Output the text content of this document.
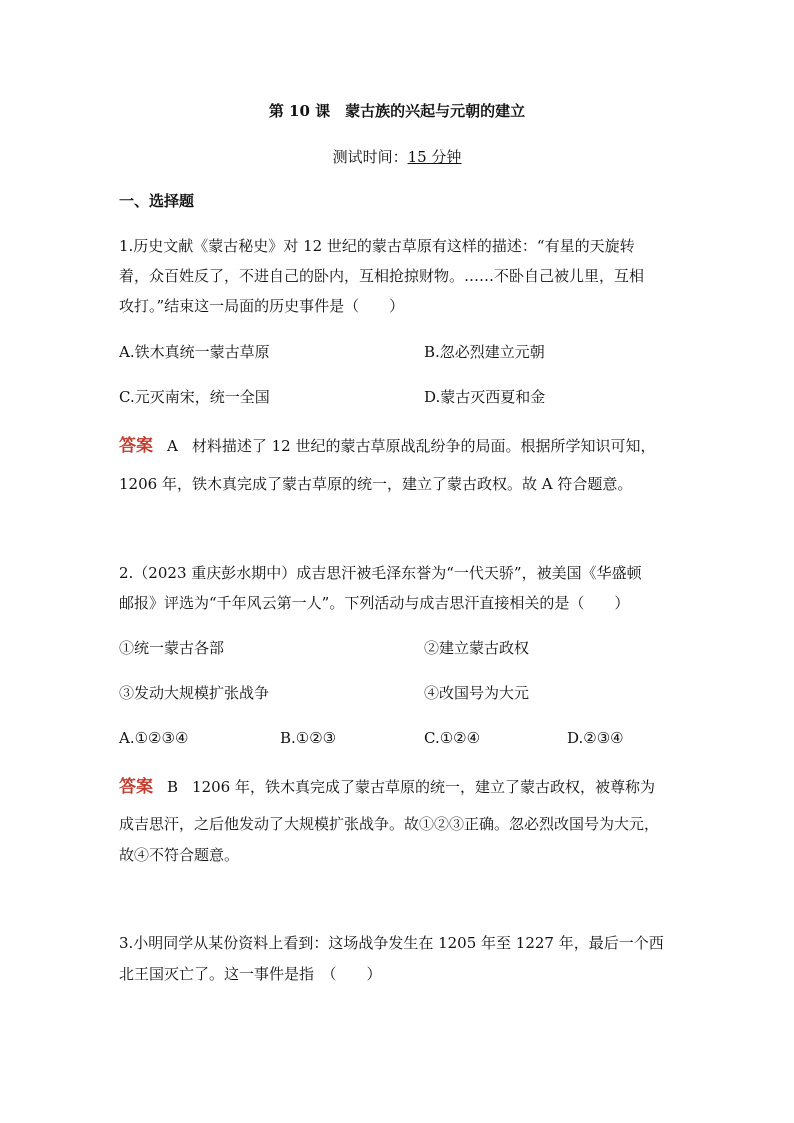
第 10 课　蒙古族的兴起与元朝的建立
测试时间：15 分钟
一、选择题
1.历史文献《蒙古秘史》对 12 世纪的蒙古草原有这样的描述：“有星的天旋转
着，众百姓反了，不进自己的卧内，互相抢掠财物。……不卧自己被儿里，互相
攻打。”结束这一局面的历史事件是（　　）
A.铁木真统一蒙古草原	B.忽必烈建立元朝
C.元灭南宋，统一全国	D.蒙古灭西夏和金
答案 A 材料描述了 12 世纪的蒙古草原战乱纷争的局面。根据所学知识可知，
1206 年，铁木真完成了蒙古草原的统一，建立了蒙古政权。故 A 符合题意。
2.（2023 重庆彭水期中）成吉思汗被毛泽东誉为“一代天骄”，被美国《华盛顿
邮报》评选为“千年风云第一人”。下列活动与成吉思汗直接相关的是（　　）
①统一蒙古各部	②建立蒙古政权
③发动大规模扩张战争	④改国号为大元
A.①②③④	B.①②③	C.①②④	D.②③④
答案 B 1206 年，铁木真完成了蒙古草原的统一，建立了蒙古政权，被尊称为
成吉思汗，之后他发动了大规模扩张战争。故①②③正确。忽必烈改国号为大元，
故④不符合题意。
3.小明同学从某份资料上看到：这场战争发生在 1205 年至 1227 年，最后一个西
北王国灭亡了。这一事件是指　（　　）
